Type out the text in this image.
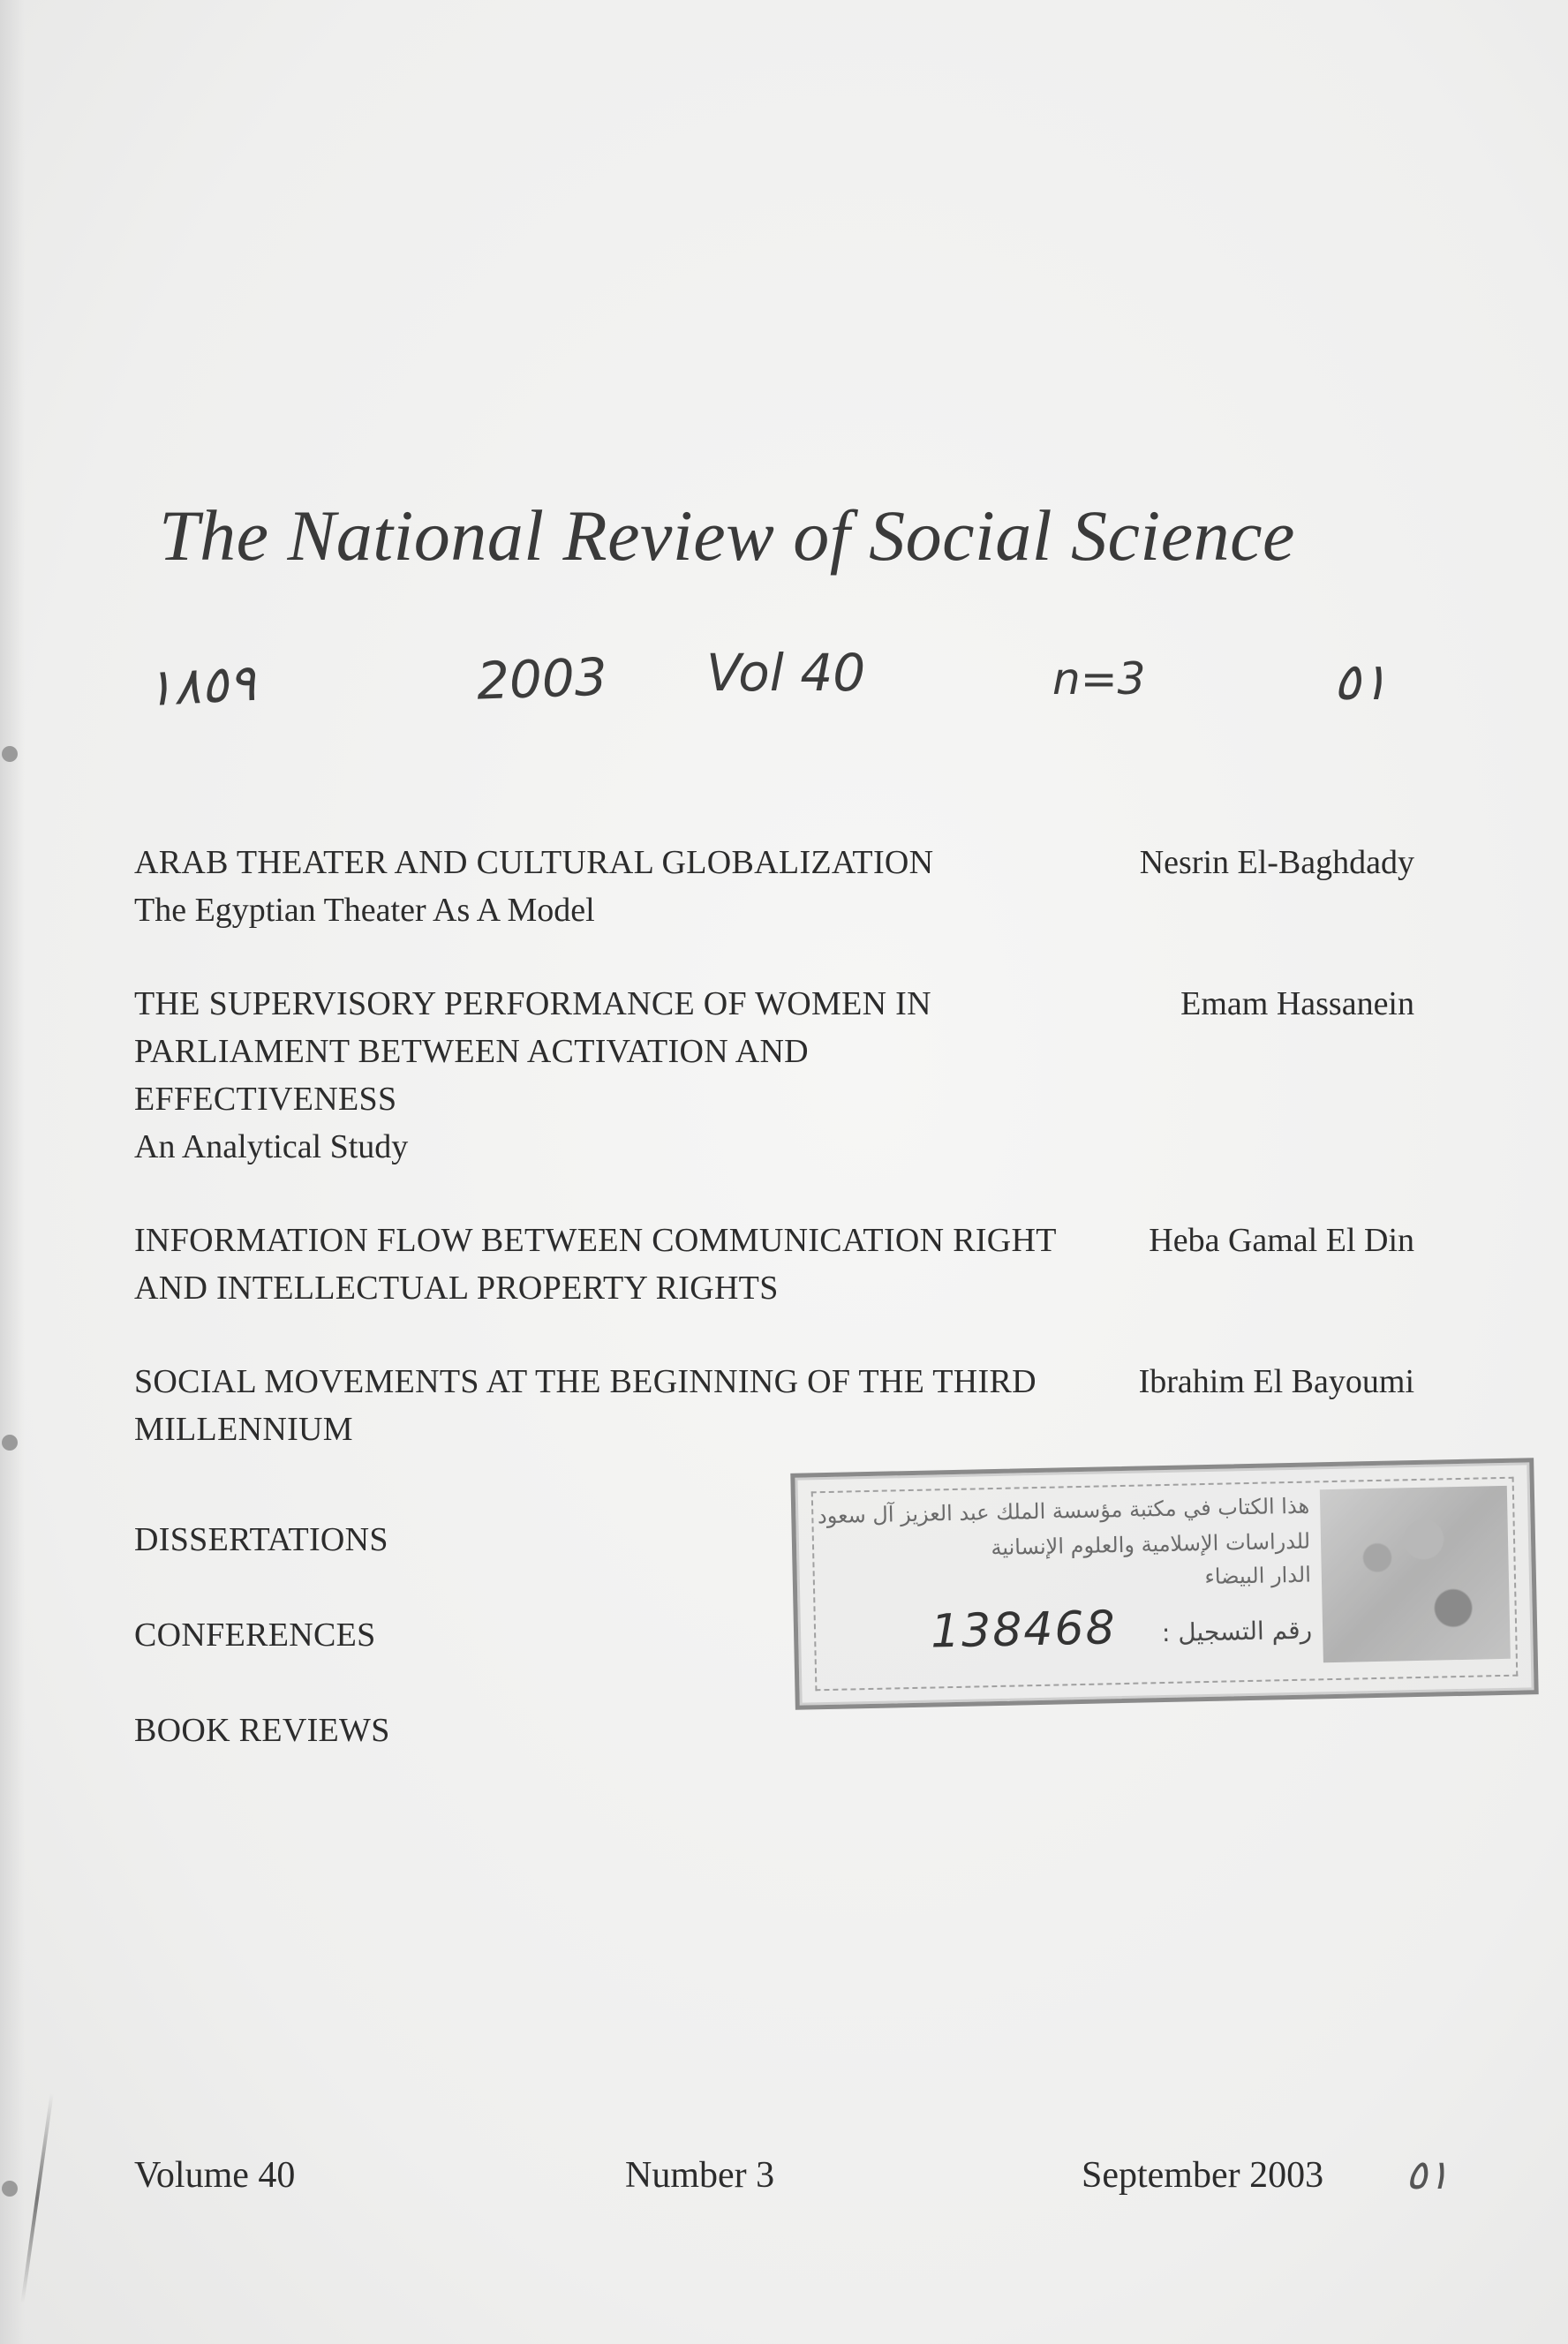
The National Review of Social Science
١٨٥٩	2003 Vol 40	n=3	٥١
ARAB THEATER AND CULTURAL GLOBALIZATION
The Egyptian Theater As A Model
Nesrin El-Baghdady
THE SUPERVISORY PERFORMANCE OF WOMEN IN PARLIAMENT BETWEEN ACTIVATION AND EFFECTIVENESS
An Analytical Study
Emam Hassanein
INFORMATION FLOW BETWEEN COMMUNICATION RIGHT AND INTELLECTUAL PROPERTY RIGHTS
Heba Gamal El Din
SOCIAL MOVEMENTS AT THE BEGINNING OF THE THIRD MILLENNIUM
Ibrahim El Bayoumi
DISSERTATIONS
CONFERENCES
BOOK REVIEWS
هذا الكتاب في مكتبة مؤسسة الملك عبد العزيز آل سعود
للدراسات الإسلامية والعلوم الإنسانية
الدار البيضاء
رقم التسجيل :
138468
Volume 40	Number 3	September 2003 ٥١
